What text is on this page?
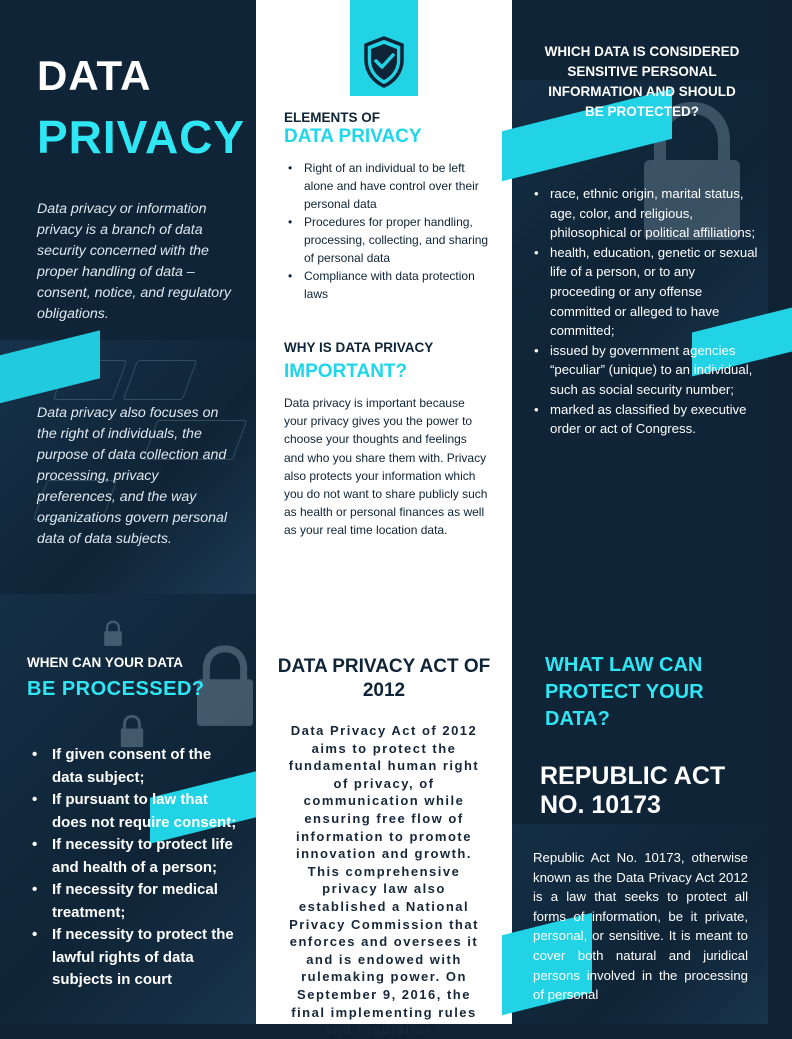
DATA
PRIVACY
Data privacy or information privacy is a branch of data security concerned with the proper handling of data – consent, notice, and regulatory obligations.
Data privacy also focuses on the right of individuals, the purpose of data collection and processing, privacy preferences, and the way organizations govern personal data of data subjects.
ELEMENTS OF
DATA PRIVACY
• Right of an individual to be left alone and have control over their personal data
• Procedures for proper handling, processing, collecting, and sharing of personal data
• Compliance with data protection laws
WHY IS DATA PRIVACY
IMPORTANT?
Data privacy is important because your privacy gives you the power to choose your thoughts and feelings and who you share them with. Privacy also protects your information which you do not want to share publicly such as health or personal finances as well as your real time location data.
WHICH DATA IS CONSIDERED SENSITIVE PERSONAL INFORMATION AND SHOULD BE PROTECTED?
• race, ethnic origin, marital status, age, color, and religious, philosophical or political affiliations;
• health, education, genetic or sexual life of a person, or to any proceeding or any offense committed or alleged to have committed;
• issued by government agencies “peculiar” (unique) to an individual, such as social security number;
• marked as classified by executive order or act of Congress.
WHEN CAN YOUR DATA
BE PROCESSED?
• If given consent of the data subject;
• If pursuant to law that does not require consent;
• If necessity to protect life and health of a person;
• If necessity for medical treatment;
• If necessity to protect the lawful rights of data subjects in court
DATA PRIVACY ACT OF 2012
Data Privacy Act of 2012 aims to protect the fundamental human right of privacy, of communication while ensuring free flow of information to promote innovation and growth. This comprehensive privacy law also established a National Privacy Commission that enforces and oversees it and is endowed with rulemaking power. On September 9, 2016, the final implementing rules and regulations
WHAT LAW CAN PROTECT YOUR DATA?
REPUBLIC ACT NO. 10173
Republic Act No. 10173, otherwise known as the Data Privacy Act 2012 is a law that seeks to protect all forms of information, be it private, personal, or sensitive. It is meant to cover both natural and juridical persons involved in the processing of personal
